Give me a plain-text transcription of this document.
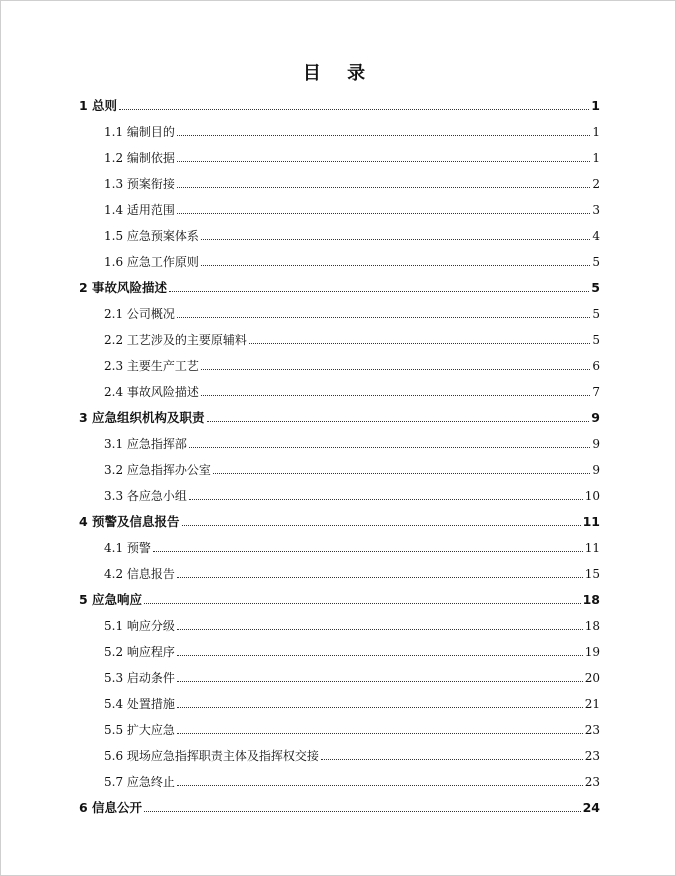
目 录
1 总则	1
1.1 编制目的	1
1.2 编制依据	1
1.3 预案衔接	2
1.4 适用范围	3
1.5 应急预案体系	4
1.6 应急工作原则	5
2 事故风险描述	5
2.1 公司概况	5
2.2 工艺涉及的主要原辅料	5
2.3 主要生产工艺	6
2.4 事故风险描述	7
3 应急组织机构及职责	9
3.1 应急指挥部	9
3.2 应急指挥办公室	9
3.3 各应急小组	10
4 预警及信息报告	11
4.1 预警	11
4.2 信息报告	15
5 应急响应	18
5.1 响应分级	18
5.2 响应程序	19
5.3 启动条件	20
5.4 处置措施	21
5.5 扩大应急	23
5.6 现场应急指挥职责主体及指挥权交接	23
5.7 应急终止	23
6 信息公开	24
